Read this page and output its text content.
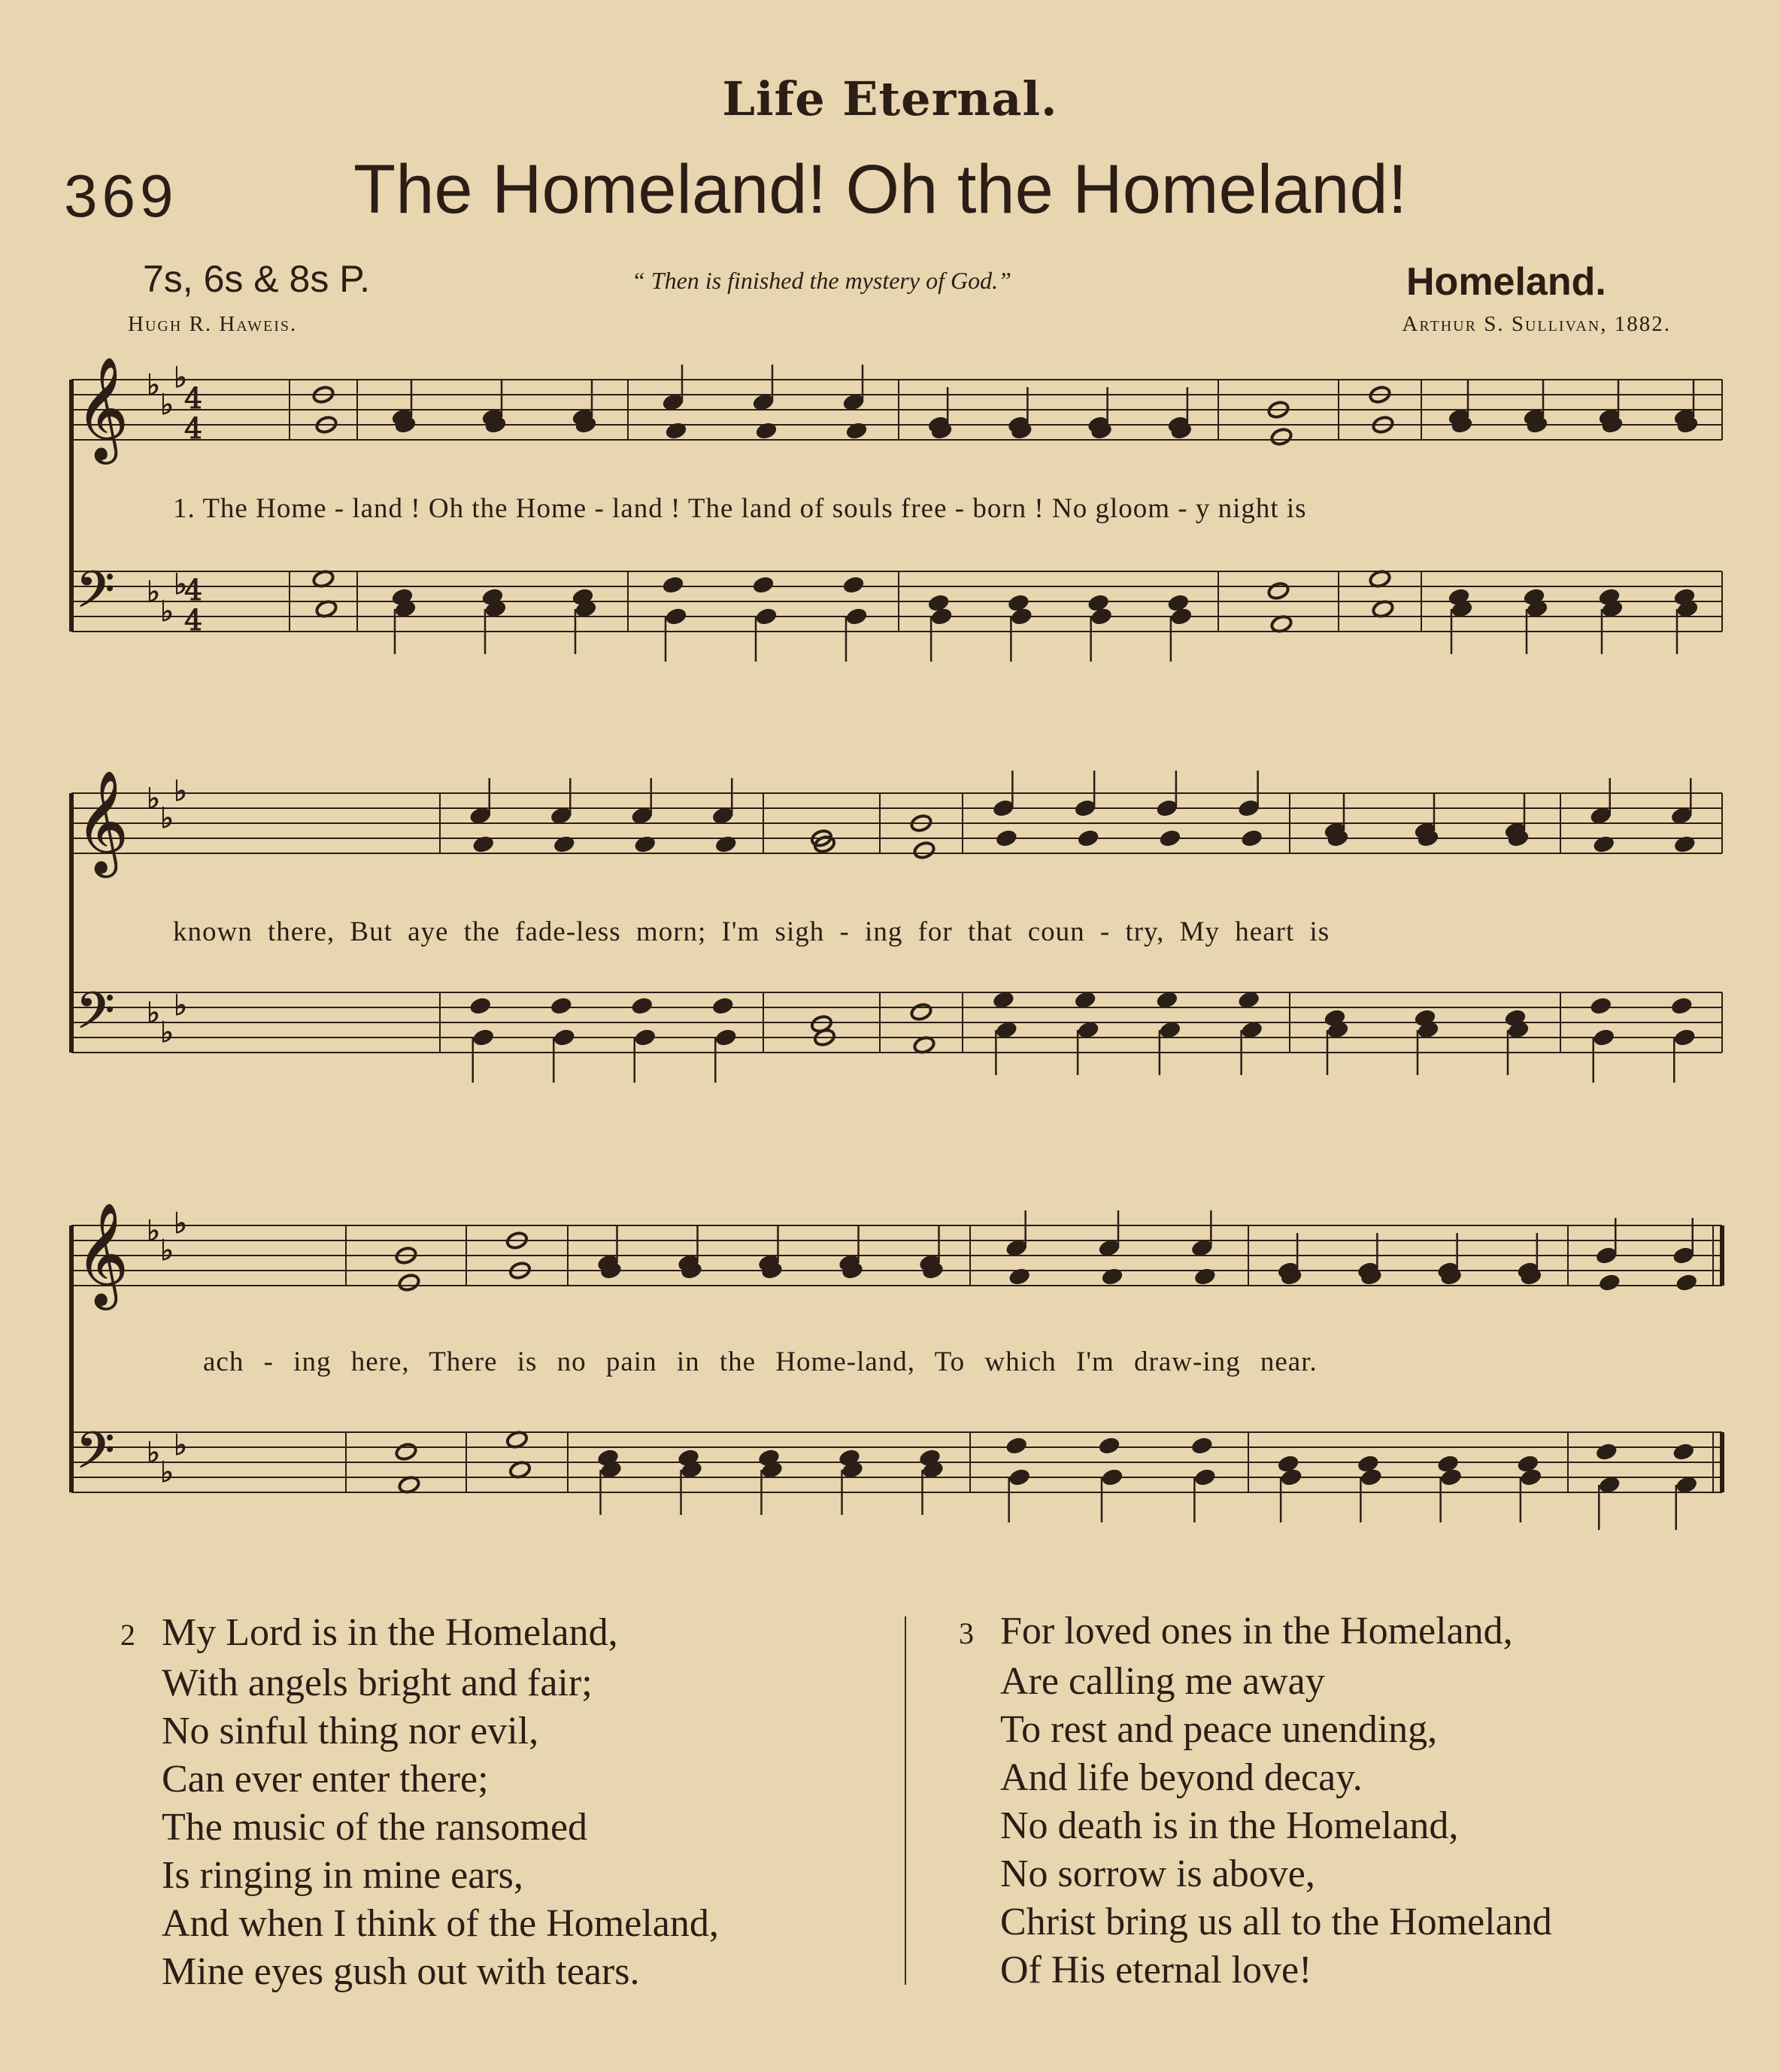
Life Eternal.
369	The Homeland! Oh the Homeland!
7s, 6s & 8s P.	“ Then is finished the mystery of God.”	Homeland.
Hugh R. Haweis.	Arthur S. Sullivan, 1882.
𝄞 ♭
♭
♭
4
4
𝄢 ♭
♭
♭
4
4
𝄞 ♭
♭
♭
𝄢 ♭
♭
♭
𝄞 ♭
♭
♭
𝄢 ♭
♭
♭
1. The Home - land ! Oh the Home - land ! The land of souls free - born ! No gloom - y night is
known there, But aye the fade-less morn; I'm sigh - ing for that coun - try, My heart is
ach - ing here, There is no pain in the Home-land, To which I'm draw-ing near.
2 My Lord is in the Homeland,
With angels bright and fair;
No sinful thing nor evil,
Can ever enter there;
The music of the ransomed
Is ringing in mine ears,
And when I think of the Homeland,
Mine eyes gush out with tears.
3 For loved ones in the Homeland,
Are calling me away
To rest and peace unending,
And life beyond decay.
No death is in the Homeland,
No sorrow is above,
Christ bring us all to the Homeland
Of His eternal love!
